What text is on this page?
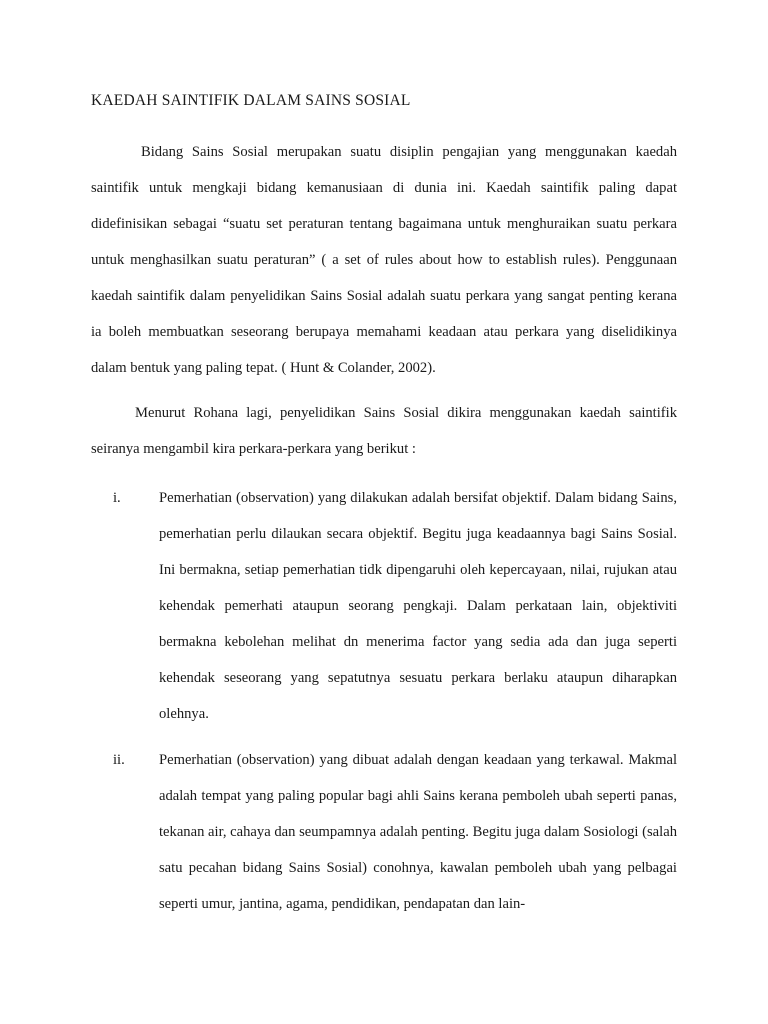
KAEDAH SAINTIFIK DALAM SAINS SOSIAL

Bidang Sains Sosial merupakan suatu disiplin pengajian yang menggunakan kaedah saintifik untuk mengkaji bidang kemanusiaan di dunia ini. Kaedah saintifik paling dapat didefinisikan sebagai “suatu set peraturan tentang bagaimana untuk menghuraikan suatu perkara untuk menghasilkan suatu peraturan” ( a set of rules about how to establish rules). Penggunaan kaedah saintifik dalam penyelidikan Sains Sosial adalah suatu perkara yang sangat penting kerana ia boleh membuatkan seseorang berupaya memahami keadaan atau perkara yang diselidikinya dalam bentuk yang paling tepat. ( Hunt & Colander, 2002).

Menurut Rohana lagi, penyelidikan Sains Sosial dikira menggunakan kaedah saintifik seiranya mengambil kira perkara-perkara yang berikut :

i.	Pemerhatian (observation) yang dilakukan adalah bersifat objektif. Dalam bidang Sains, pemerhatian perlu dilaukan secara objektif. Begitu juga keadaannya bagi Sains Sosial. Ini bermakna, setiap pemerhatian tidk dipengaruhi oleh kepercayaan, nilai, rujukan atau kehendak pemerhati ataupun seorang pengkaji. Dalam perkataan lain, objektiviti bermakna kebolehan melihat dn menerima factor yang sedia ada dan juga seperti kehendak seseorang yang sepatutnya sesuatu perkara berlaku ataupun diharapkan olehnya.

ii. Pemerhatian (observation) yang dibuat adalah dengan keadaan yang terkawal. Makmal adalah tempat yang paling popular bagi ahli Sains kerana pemboleh ubah seperti panas, tekanan air, cahaya dan seumpamnya adalah penting. Begitu juga dalam Sosiologi (salah satu pecahan bidang Sains Sosial) conohnya, kawalan pemboleh ubah yang pelbagai seperti umur, jantina, agama, pendidikan, pendapatan dan lain-
